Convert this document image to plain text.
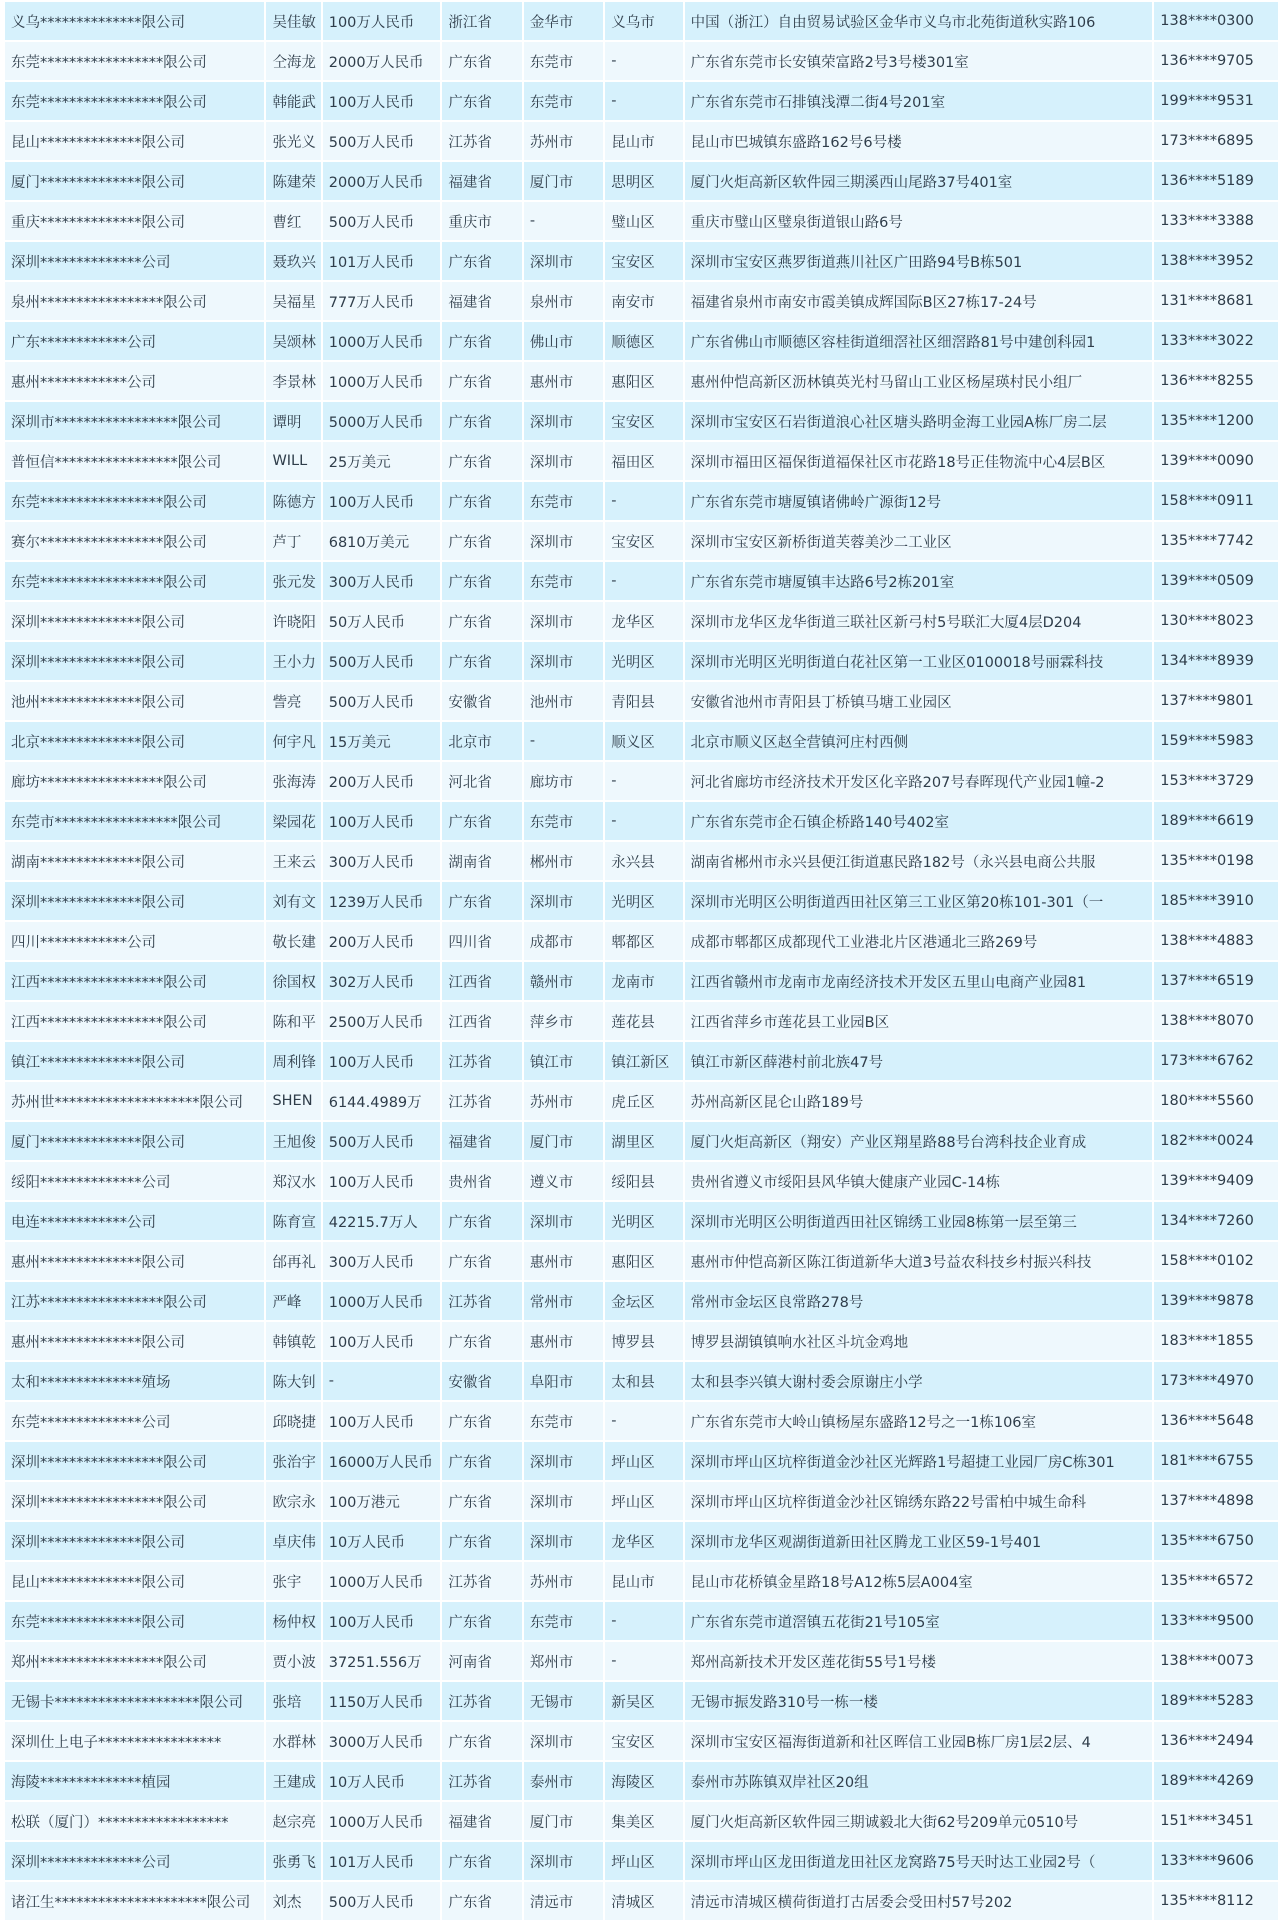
义乌**************限公司	吴佳敏	100万人民币	浙江省	金华市	义乌市	中国（浙江）自由贸易试验区金华市义乌市北苑街道秋实路106	138****0300
东莞*****************限公司	仝海龙	2000万人民币	广东省	东莞市	-	广东省东莞市长安镇荣富路2号3号楼301室	136****9705
东莞*****************限公司	韩能武	100万人民币	广东省	东莞市	-	广东省东莞市石排镇浅潭二街4号201室	199****9531
昆山**************限公司	张光义	500万人民币	江苏省	苏州市	昆山市	昆山市巴城镇东盛路162号6号楼	173****6895
厦门**************限公司	陈建荣	2000万人民币	福建省	厦门市	思明区	厦门火炬高新区软件园三期溪西山尾路37号401室	136****5189
重庆**************限公司	曹红	500万人民币	重庆市	-	璧山区	重庆市璧山区璧泉街道银山路6号	133****3388
深圳**************公司	聂玖兴	101万人民币	广东省	深圳市	宝安区	深圳市宝安区燕罗街道燕川社区广田路94号B栋501	138****3952
泉州*****************限公司	吴福星	777万人民币	福建省	泉州市	南安市	福建省泉州市南安市霞美镇成辉国际B区27栋17-24号	131****8681
广东************公司	吴颂林	1000万人民币	广东省	佛山市	顺德区	广东省佛山市顺德区容桂街道细滘社区细滘路81号中建创科园1	133****3022
惠州************公司	李景林	1000万人民币	广东省	惠州市	惠阳区	惠州仲恺高新区沥林镇英光村马留山工业区杨屋瑛村民小组厂	136****8255
深圳市*****************限公司	谭明	5000万人民币	广东省	深圳市	宝安区	深圳市宝安区石岩街道浪心社区塘头路明金海工业园A栋厂房二层	135****1200
普恒信*****************限公司	WILL	25万美元	广东省	深圳市	福田区	深圳市福田区福保街道福保社区市花路18号正佳物流中心4层B区	139****0090
东莞*****************限公司	陈德方	100万人民币	广东省	东莞市	-	广东省东莞市塘厦镇诸佛岭广源街12号	158****0911
赛尔*****************限公司	芦丁	6810万美元	广东省	深圳市	宝安区	深圳市宝安区新桥街道芙蓉美沙二工业区	135****7742
东莞*****************限公司	张元发	300万人民币	广东省	东莞市	-	广东省东莞市塘厦镇丰达路6号2栋201室	139****0509
深圳**************限公司	许晓阳	50万人民币	广东省	深圳市	龙华区	深圳市龙华区龙华街道三联社区新弓村5号联汇大厦4层D204	130****8023
深圳**************限公司	王小力	500万人民币	广东省	深圳市	光明区	深圳市光明区光明街道白花社区第一工业区0100018号丽霖科技	134****8939
池州**************限公司	訾亮	500万人民币	安徽省	池州市	青阳县	安徽省池州市青阳县丁桥镇马塘工业园区	137****9801
北京**************限公司	何宇凡	15万美元	北京市	-	顺义区	北京市顺义区赵全营镇河庄村西侧	159****5983
廊坊*****************限公司	张海涛	200万人民币	河北省	廊坊市	-	河北省廊坊市经济技术开发区化辛路207号春晖现代产业园1幢-2	153****3729
东莞市*****************限公司	梁园花	100万人民币	广东省	东莞市	-	广东省东莞市企石镇企桥路140号402室	189****6619
湖南**************限公司	王来云	300万人民币	湖南省	郴州市	永兴县	湖南省郴州市永兴县便江街道惠民路182号（永兴县电商公共服	135****0198
深圳**************限公司	刘有文	1239万人民币	广东省	深圳市	光明区	深圳市光明区公明街道西田社区第三工业区第20栋101-301（一	185****3910
四川************公司	敬长建	200万人民币	四川省	成都市	郫都区	成都市郫都区成都现代工业港北片区港通北三路269号	138****4883
江西*****************限公司	徐国权	302万人民币	江西省	赣州市	龙南市	江西省赣州市龙南市龙南经济技术开发区五里山电商产业园81	137****6519
江西*****************限公司	陈和平	2500万人民币	江西省	萍乡市	莲花县	江西省萍乡市莲花县工业园B区	138****8070
镇江**************限公司	周利锋	100万人民币	江苏省	镇江市	镇江新区	镇江市新区薛港村前北族47号	173****6762
苏州世********************限公司	SHEN	6144.4989万	江苏省	苏州市	虎丘区	苏州高新区昆仑山路189号	180****5560
厦门**************限公司	王旭俊	500万人民币	福建省	厦门市	湖里区	厦门火炬高新区（翔安）产业区翔星路88号台湾科技企业育成	182****0024
绥阳**************公司	郑汉水	100万人民币	贵州省	遵义市	绥阳县	贵州省遵义市绥阳县风华镇大健康产业园C-14栋	139****9409
电连************公司	陈育宣	42215.7万人	广东省	深圳市	光明区	深圳市光明区公明街道西田社区锦绣工业园8栋第一层至第三	134****7260
惠州**************限公司	邰再礼	300万人民币	广东省	惠州市	惠阳区	惠州市仲恺高新区陈江街道新华大道3号益农科技乡村振兴科技	158****0102
江苏*****************限公司	严峰	1000万人民币	江苏省	常州市	金坛区	常州市金坛区良常路278号	139****9878
惠州**************限公司	韩镇乾	100万人民币	广东省	惠州市	博罗县	博罗县湖镇镇响水社区斗坑金鸡地	183****1855
太和**************殖场	陈大钊	-	安徽省	阜阳市	太和县	太和县李兴镇大谢村委会原谢庄小学	173****4970
东莞**************公司	邱晓捷	100万人民币	广东省	东莞市	-	广东省东莞市大岭山镇杨屋东盛路12号之一1栋106室	136****5648
深圳*****************限公司	张治宇	16000万人民币	广东省	深圳市	坪山区	深圳市坪山区坑梓街道金沙社区光辉路1号超捷工业园厂房C栋301	181****6755
深圳*****************限公司	欧宗永	100万港元	广东省	深圳市	坪山区	深圳市坪山区坑梓街道金沙社区锦绣东路22号雷柏中城生命科	137****4898
深圳**************限公司	卓庆伟	10万人民币	广东省	深圳市	龙华区	深圳市龙华区观湖街道新田社区腾龙工业区59-1号401	135****6750
昆山**************限公司	张宇	1000万人民币	江苏省	苏州市	昆山市	昆山市花桥镇金星路18号A12栋5层A004室	135****6572
东莞**************限公司	杨仲权	100万人民币	广东省	东莞市	-	广东省东莞市道滘镇五花街21号105室	133****9500
郑州*****************限公司	贾小波	37251.556万	河南省	郑州市	-	郑州高新技术开发区莲花街55号1号楼	138****0073
无锡卡********************限公司	张培	1150万人民币	江苏省	无锡市	新吴区	无锡市振发路310号一栋一楼	189****5283
深圳仕上电子*****************	水群林	3000万人民币	广东省	深圳市	宝安区	深圳市宝安区福海街道新和社区晖信工业园B栋厂房1层2层、4	136****2494
海陵**************植园	王建成	10万人民币	江苏省	泰州市	海陵区	泰州市苏陈镇双岸社区20组	189****4269
松联（厦门）******************	赵宗亮	1000万人民币	福建省	厦门市	集美区	厦门火炬高新区软件园三期诚毅北大街62号209单元0510号	151****3451
深圳**************公司	张勇飞	101万人民币	广东省	深圳市	坪山区	深圳市坪山区龙田街道龙田社区龙窝路75号天时达工业园2号（	133****9606
诸江生*********************限公司	刘杰	500万人民币	广东省	清远市	清城区	清远市清城区横荷街道打古居委会受田村57号202	135****8112
